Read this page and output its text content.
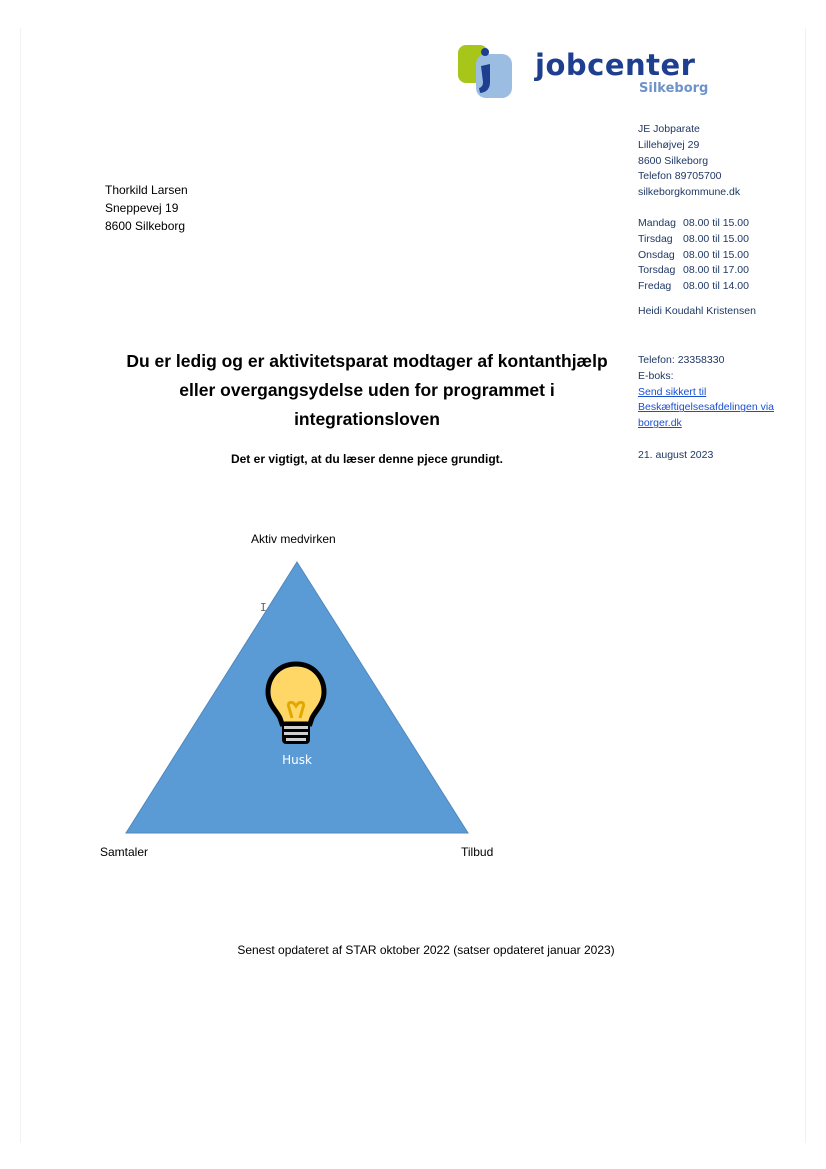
jobcenter
Silkeborg
Thorkild Larsen
Sneppevej 19
8600 Silkeborg
JE Jobparate
Lillehøjvej 29
8600 Silkeborg
Telefon 89705700
silkeborgkommune.dk
Mandag 08.00 til 15.00
Tirsdag 08.00 til 15.00
Onsdag 08.00 til 15.00
Torsdag 08.00 til 17.00
Fredag	08.00 til 14.00
Heidi Koudahl Kristensen
Telefon: 23358330
E-boks:
Send sikkert til
Beskæftigelsesafdelingen via
borger.dk
21. august 2023
Du er ledig og er aktivitetsparat modtager af kontanthjælp
eller overgangsydelse uden for programmet i
integrationsloven
Det er vigtigt, at du læser denne pjece grundigt.
Aktiv medvirken
I
Husk
Samtaler	Tilbud
Senest opdateret af STAR oktober 2022 (satser opdateret januar 2023)
